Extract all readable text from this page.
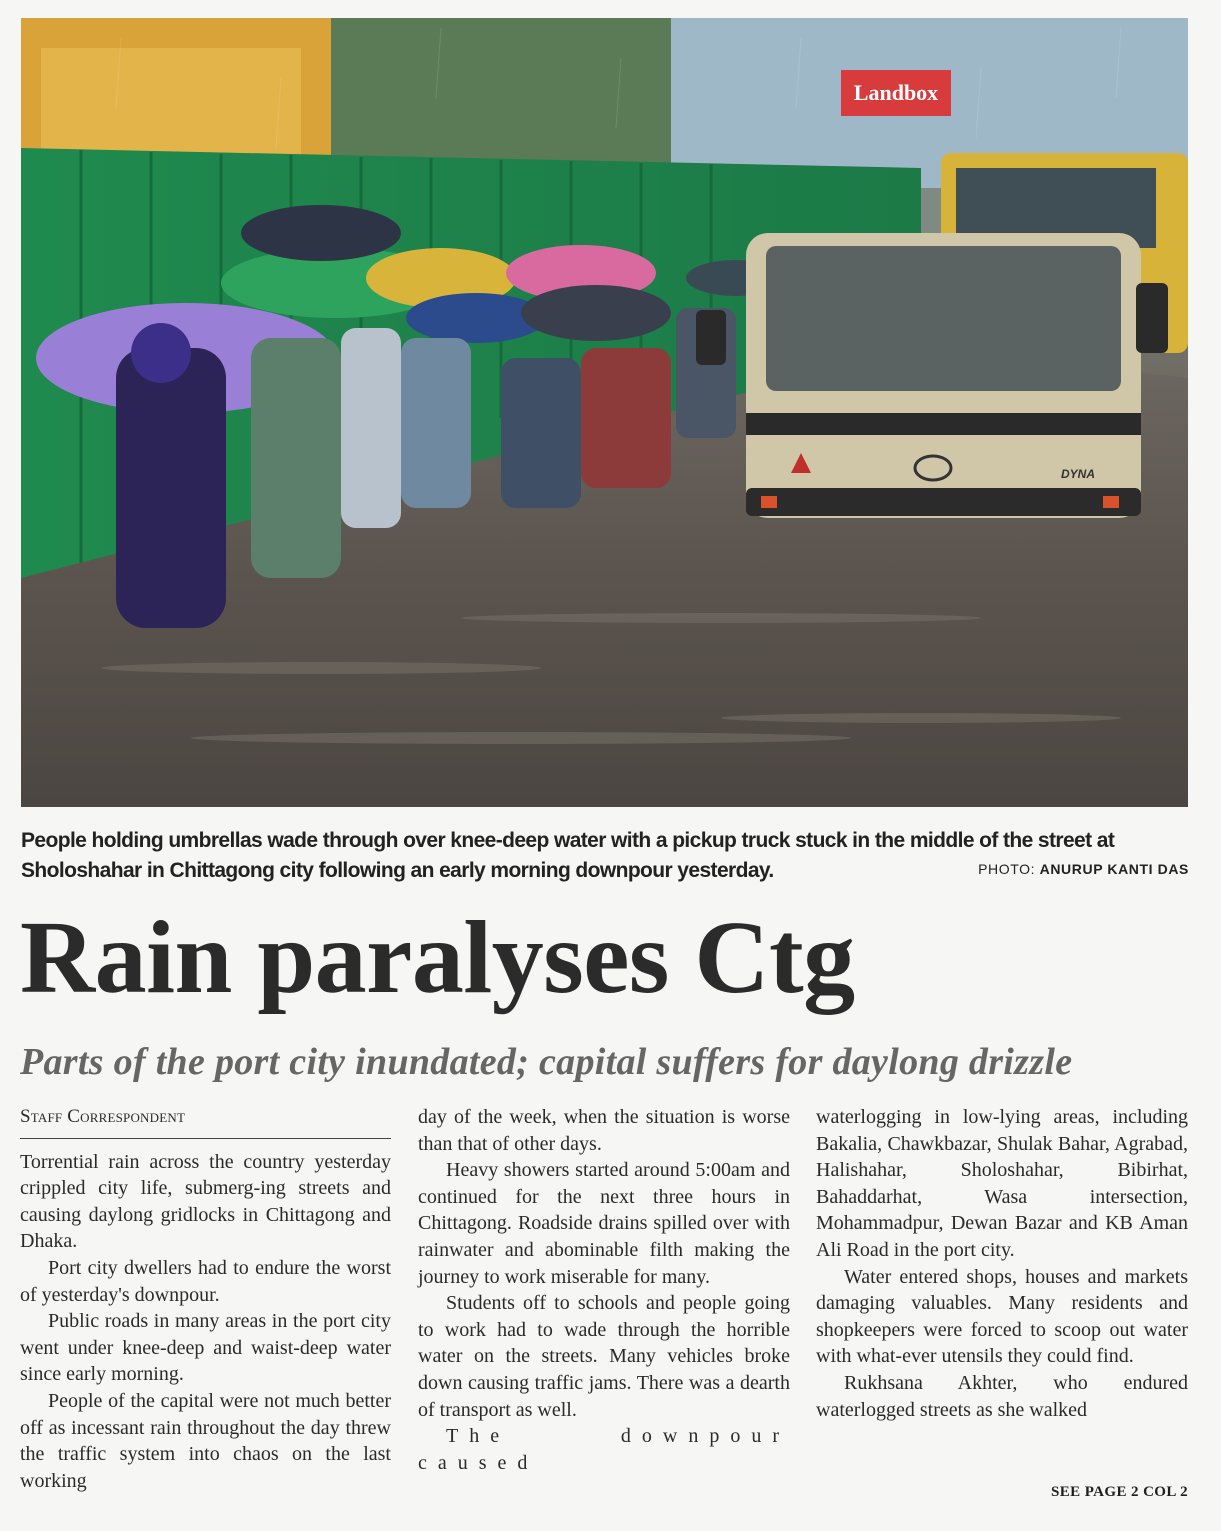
Landbox
DYNA
People holding umbrellas wade through over knee-deep water with a pickup truck stuck in the middle of the street at
Sholoshahar in Chittagong city following an early morning downpour yesterday.	PHOTO: ANURUP KANTI DAS
Rain paralyses Ctg
Parts of the port city inundated; capital suffers for daylong drizzle
Staff Correspondent

Torrential rain across the country yesterday crippled city life, submerg-ing streets and causing daylong gridlocks in Chittagong and Dhaka.

Port city dwellers had to endure the worst of yesterday's downpour.

Public roads in many areas in the port city went under knee-deep and waist-deep water since early morning.

People of the capital were not much better off as incessant rain throughout the day threw the traffic system into chaos on the last working

day of the week, when the situation is worse than that of other days.

Heavy showers started around 5:00am and continued for the next three hours in Chittagong. Roadside drains spilled over with rainwater and abominable filth making the journey to work miserable for many.

Students off to schools and people going to work had to wade through the horrible water on the streets. Many vehicles broke down causing traffic jams. There was a dearth of transport as well.

The downpour caused

waterlogging in low-lying areas, including Bakalia, Chawkbazar, Shulak Bahar, Agrabad, Halishahar, Sholoshahar, Bibirhat, Bahaddarhat, Wasa intersection, Mohammadpur, Dewan Bazar and KB Aman Ali Road in the port city.

Water entered shops, houses and markets damaging valuables. Many residents and shopkeepers were forced to scoop out water with what-ever utensils they could find.

Rukhsana Akhter, who endured waterlogged streets as she walked

SEE PAGE 2 COL 2
